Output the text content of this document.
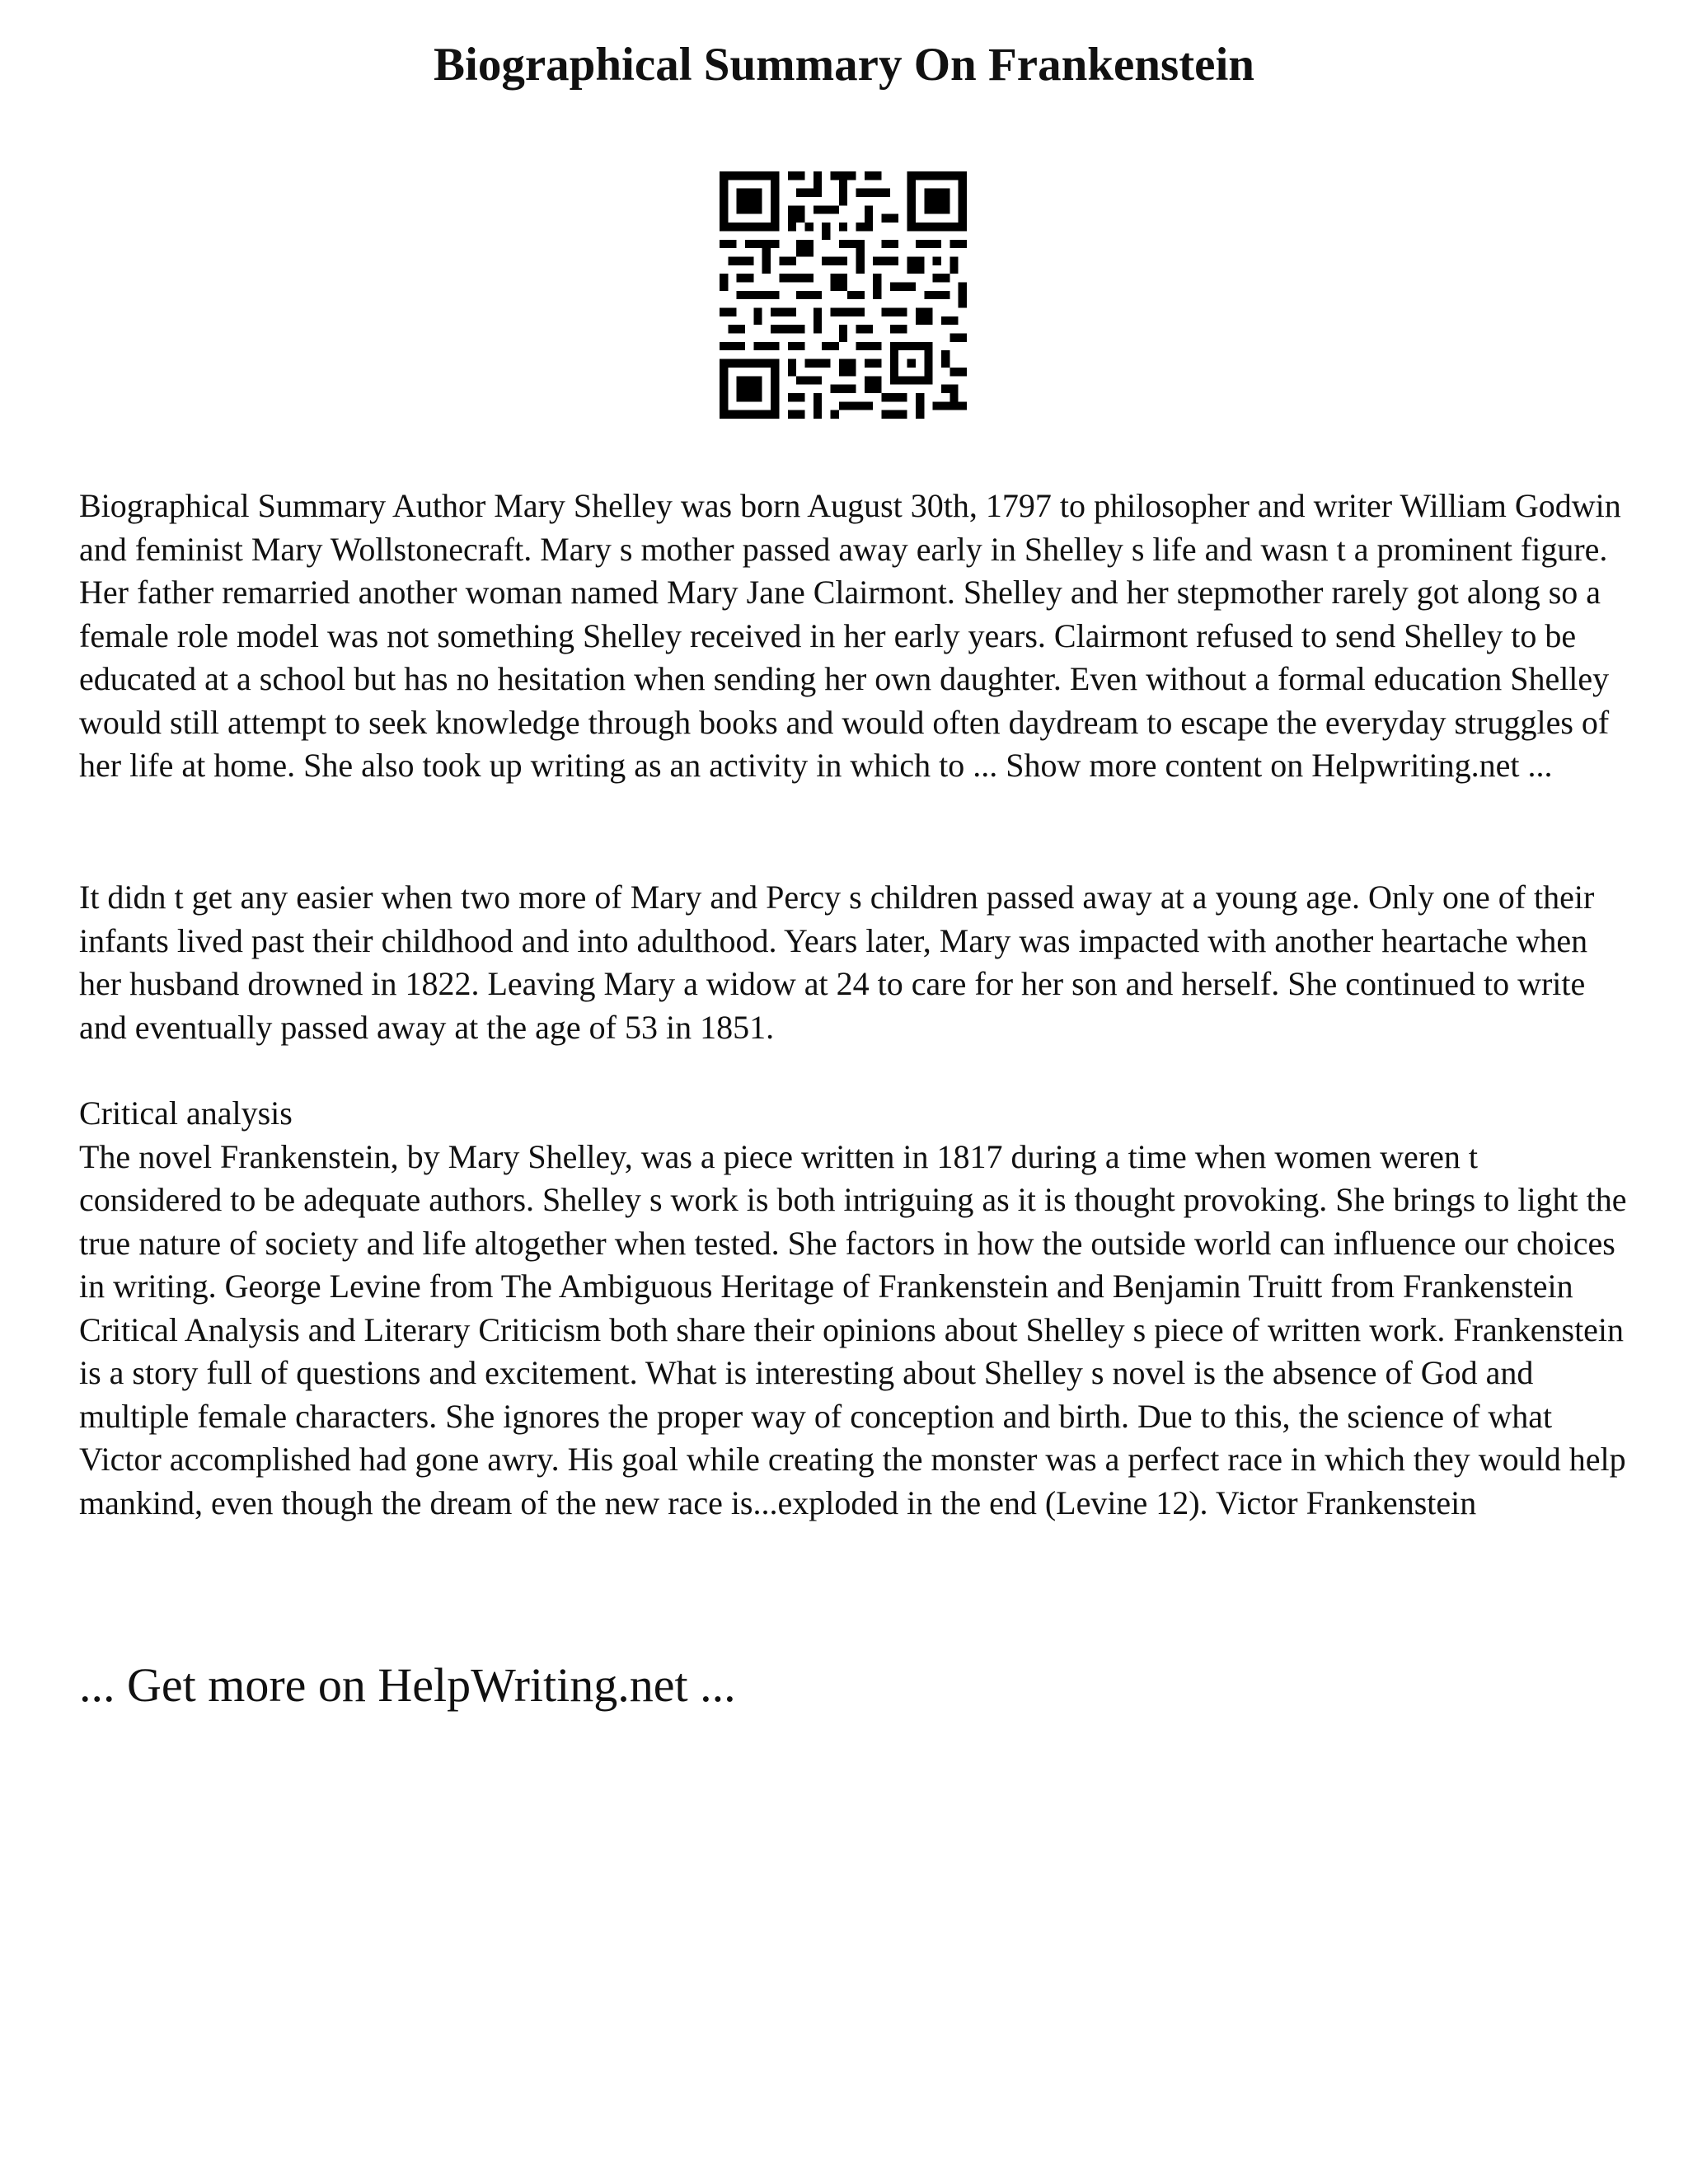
Biographical Summary On Frankenstein

Biographical Summary Author Mary Shelley was born August 30th, 1797 to philosopher and writer William Godwin and feminist Mary Wollstonecraft. Mary s mother passed away early in Shelley s life and wasn t a prominent figure. Her father remarried another woman named Mary Jane Clairmont. Shelley and her stepmother rarely got along so a female role model was not something Shelley received in her early years. Clairmont refused to send Shelley to be educated at a school but has no hesitation when sending her own daughter. Even without a formal education Shelley would still attempt to seek knowledge through books and would often daydream to escape the everyday struggles of her life at home. She also took up writing as an activity in which to ... Show more content on Helpwriting.net ...

It didn t get any easier when two more of Mary and Percy s children passed away at a young age. Only one of their infants lived past their childhood and into adulthood. Years later, Mary was impacted with another heartache when her husband drowned in 1822. Leaving Mary a widow at 24 to care for her son and herself. She continued to write and eventually passed away at the age of 53 in 1851.

Critical analysis
The novel Frankenstein, by Mary Shelley, was a piece written in 1817 during a time when women weren t considered to be adequate authors. Shelley s work is both intriguing as it is thought provoking. She brings to light the true nature of society and life altogether when tested. She factors in how the outside world can influence our choices in writing. George Levine from The Ambiguous Heritage of Frankenstein and Benjamin Truitt from Frankenstein Critical Analysis and Literary Criticism both share their opinions about Shelley s piece of written work. Frankenstein is a story full of questions and excitement. What is interesting about Shelley s novel is the absence of God and multiple female characters. She ignores the proper way of conception and birth. Due to this, the science of what Victor accomplished had gone awry. His goal while creating the monster was a perfect race in which they would help mankind, even though the dream of the new race is...exploded in the end (Levine 12). Victor Frankenstein

... Get more on HelpWriting.net ...
